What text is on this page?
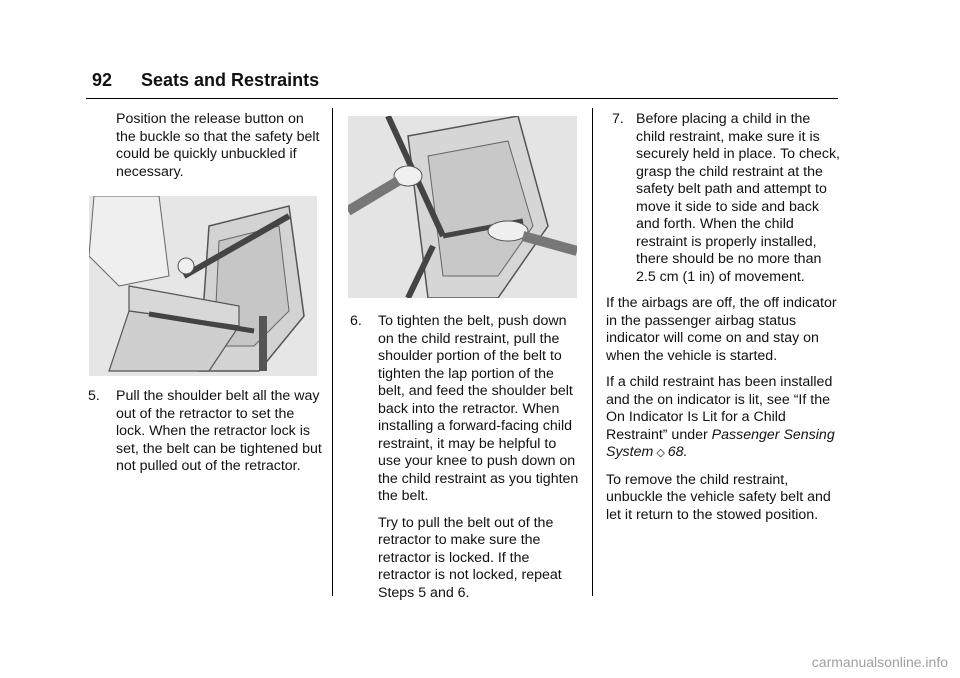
92 Seats and Restraints

Position the release button on the buckle so that the safety belt could be quickly unbuckled if necessary.

5. Pull the shoulder belt all the way out of the retractor to set the lock. When the retractor lock is set, the belt can be tightened but not pulled out of the retractor.
6. To tighten the belt, push down on the child restraint, pull the shoulder portion of the belt to tighten the lap portion of the belt, and feed the shoulder belt back into the retractor. When installing a forward-facing child restraint, it may be helpful to use your knee to push down on the child restraint as you tighten the belt.

Try to pull the belt out of the retractor to make sure the retractor is locked. If the retractor is not locked, repeat Steps 5 and 6.

7. Before placing a child in the child restraint, make sure it is securely held in place. To check, grasp the child restraint at the safety belt path and attempt to move it side to side and back and forth. When the child restraint is properly installed, there should be no more than 2.5 cm (1 in) of movement.

If the airbags are off, the off indicator in the passenger airbag status indicator will come on and stay on when the vehicle is started.

If a child restraint has been installed and the on indicator is lit, see “If the On Indicator Is Lit for a Child Restraint” under Passenger Sensing System ◇ 68.

To remove the child restraint, unbuckle the vehicle safety belt and let it return to the stowed position.

carmanualsonline.info
